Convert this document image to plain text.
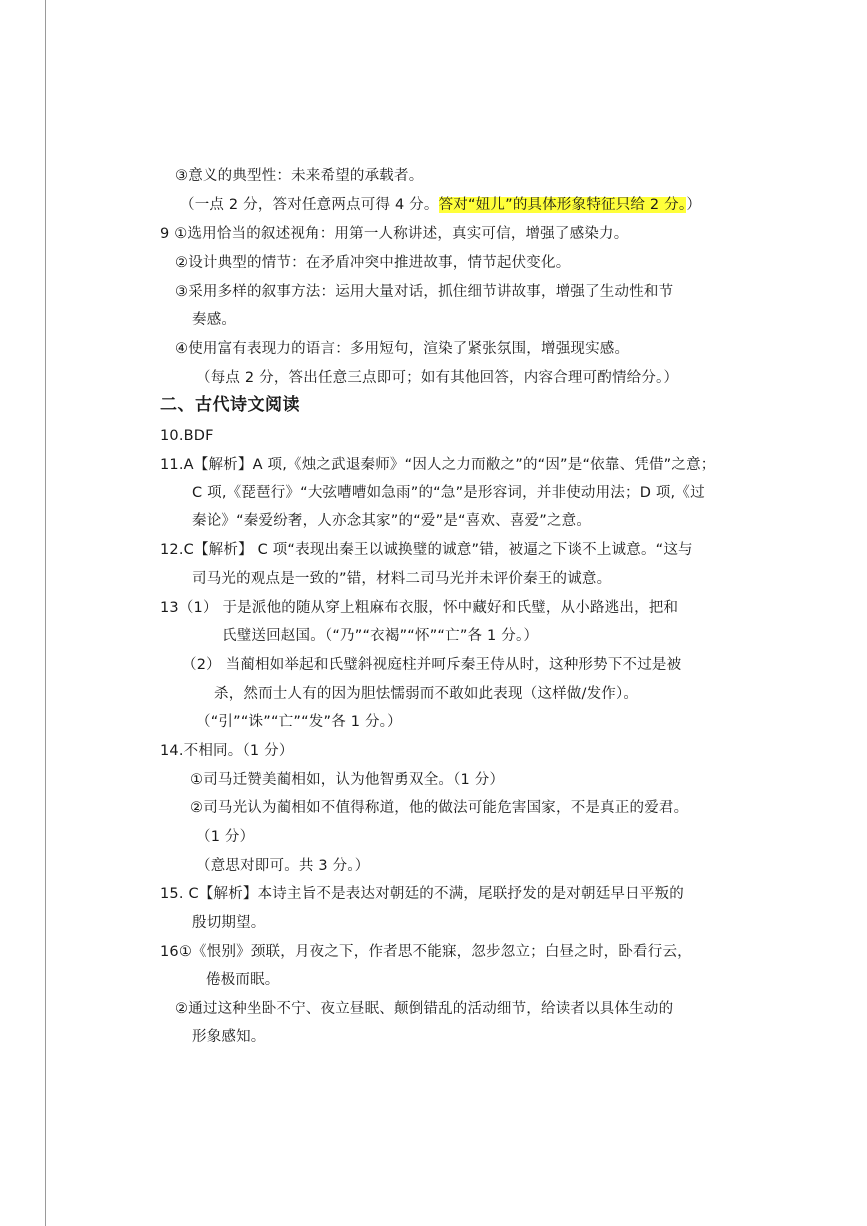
③意义的典型性：未来希望的承载者。
（一点 2 分，答对任意两点可得 4 分。答对“妞儿”的具体形象特征只给 2 分。）
9 ①选用恰当的叙述视角：用第一人称讲述，真实可信，增强了感染力。
②设计典型的情节：在矛盾冲突中推进故事，情节起伏变化。
③采用多样的叙事方法：运用大量对话，抓住细节讲故事，增强了生动性和节
奏感。
④使用富有表现力的语言：多用短句，渲染了紧张氛围，增强现实感。
（每点 2 分，答出任意三点即可；如有其他回答，内容合理可酌情给分。）
二、古代诗文阅读
10.BDF
11.A【解析】A 项,《烛之武退秦师》“因人之力而敝之”的“因”是“依靠、凭借”之意；
C 项,《琵琶行》“大弦嘈嘈如急雨”的“急”是形容词，并非使动用法；D 项,《过
秦论》“秦爱纷奢，人亦念其家”的“爱”是“喜欢、喜爱”之意。
12.C【解析】 C 项“表现出秦王以诚换璧的诚意”错，被逼之下谈不上诚意。“这与
司马光的观点是一致的”错，材料二司马光并未评价秦王的诚意。
13（1） 于是派他的随从穿上粗麻布衣服，怀中藏好和氏璧，从小路逃出，把和
氏璧送回赵国。（“乃”“衣褐”“怀”“亡”各 1 分。）
（2） 当蔺相如举起和氏璧斜视庭柱并呵斥秦王侍从时，这种形势下不过是被
杀，然而士人有的因为胆怯懦弱而不敢如此表现（这样做/发作）。
（“引”“诛”“亡”“发”各 1 分。）
14.不相同。（1 分）
①司马迁赞美蔺相如，认为他智勇双全。（1 分）
②司马光认为蔺相如不值得称道，他的做法可能危害国家，不是真正的爱君。
（1 分）
（意思对即可。共 3 分。）
15. C【解析】本诗主旨不是表达对朝廷的不满，尾联抒发的是对朝廷早日平叛的
殷切期望。
16①《恨别》颈联，月夜之下，作者思不能寐，忽步忽立；白昼之时，卧看行云，
倦极而眠。
②通过这种坐卧不宁、夜立昼眠、颠倒错乱的活动细节，给读者以具体生动的
形象感知。
